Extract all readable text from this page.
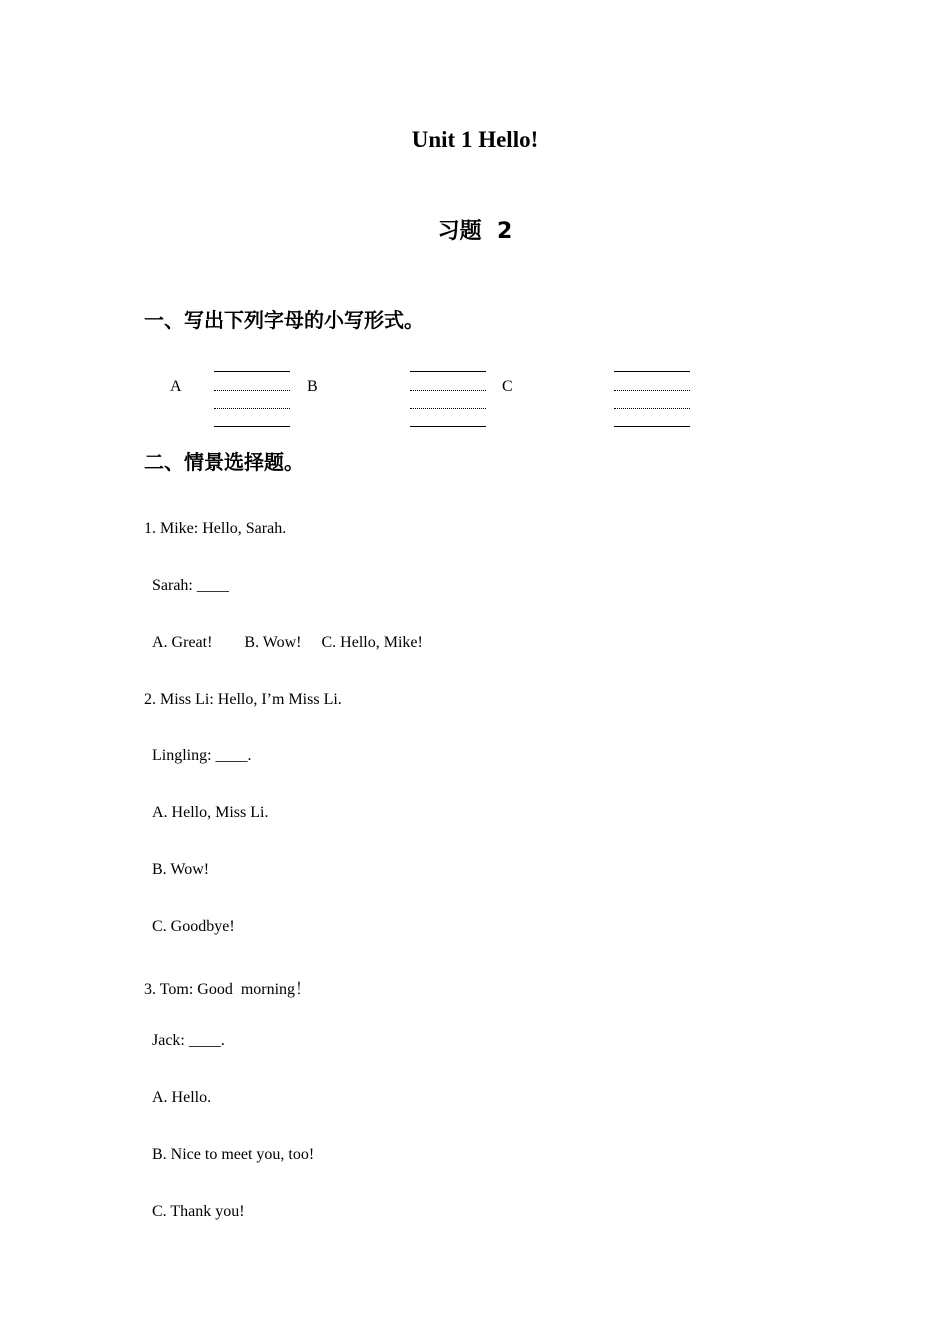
Unit 1 Hello!
习题  2
一、写出下列字母的小写形式。
A	B	C
二、情景选择题。
1. Mike: Hello, Sarah.
Sarah: ____
A. Great!        B. Wow!     C. Hello, Mike!
2. Miss Li: Hello, I’m Miss Li.
Lingling: ____.
A. Hello, Miss Li.
B. Wow!
C. Goodbye!
3. Tom: Good  morning！
Jack: ____.
A. Hello.
B. Nice to meet you, too!
C. Thank you!
